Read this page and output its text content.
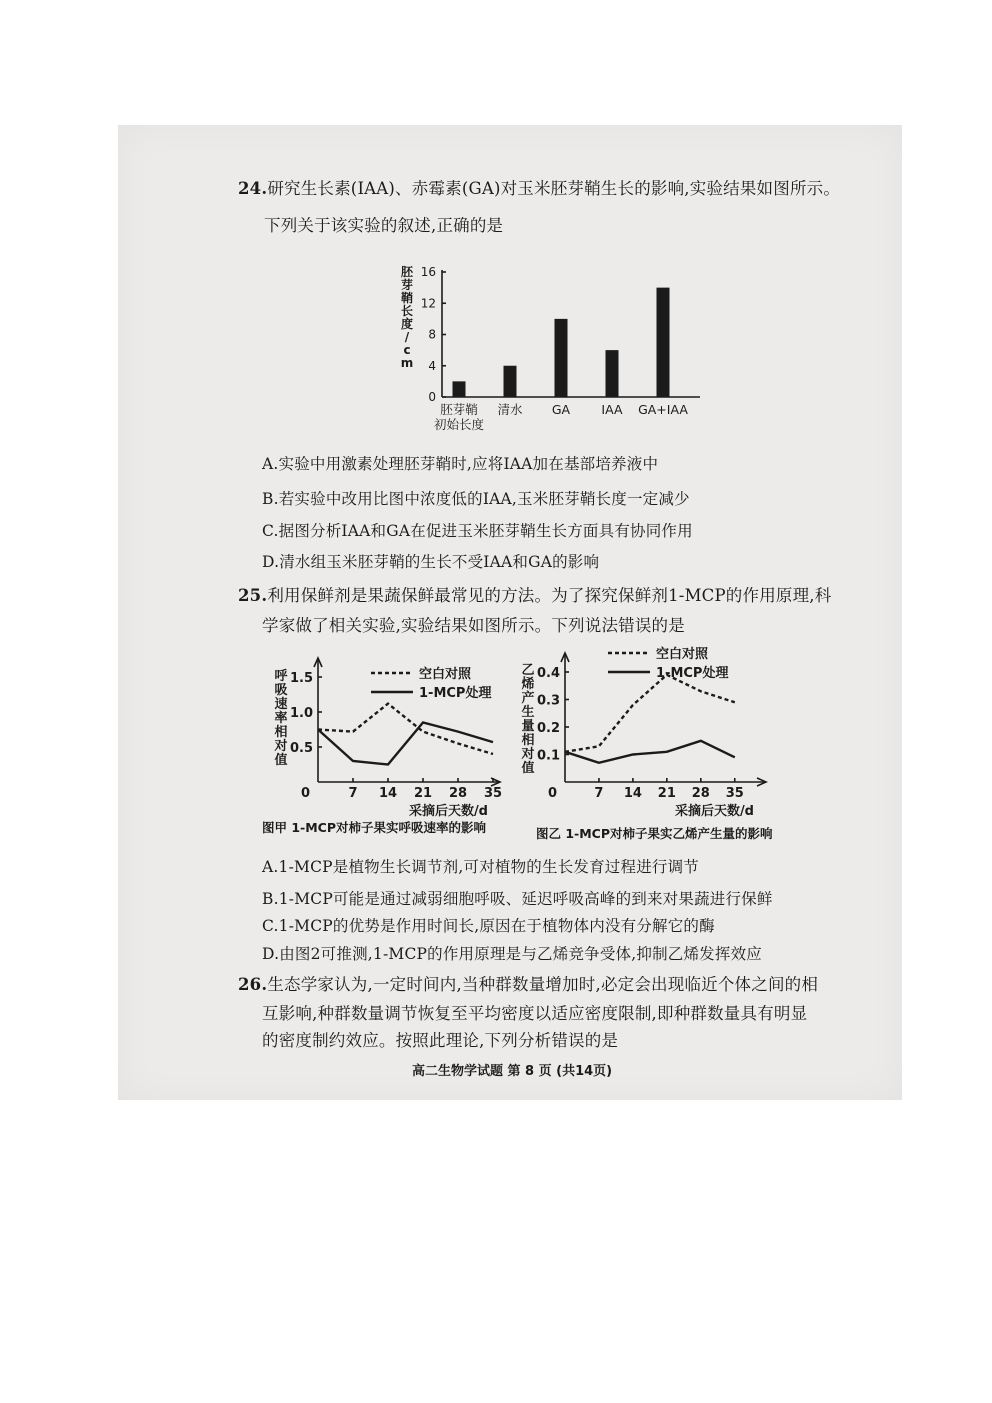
24.研究生长素(IAA)、赤霉素(GA)对玉米胚芽鞘生长的影响,实验结果如图所示。
下列关于该实验的叙述,正确的是
0
4
8
12
16
胚芽鞘长度/ c m
胚芽鞘
初始长度
清水 GA	IAA GA+IAA
A.实验中用激素处理胚芽鞘时,应将IAA加在基部培养液中
B.若实验中改用比图中浓度低的IAA,玉米胚芽鞘长度一定减少
C.据图分析IAA和GA在促进玉米胚芽鞘生长方面具有协同作用
D.清水组玉米胚芽鞘的生长不受IAA和GA的影响
25.利用保鲜剂是果蔬保鲜最常见的方法。为了探究保鲜剂1-MCP的作用原理,科
学家做了相关实验,实验结果如图所示。下列说法错误的是
0.5
1.0
1.5
0	7 14 21 28 35
采摘后天数/d
呼吸速率相对值
空白对照
1-MCP处理
0.1
0.2
0.3
0.4
0	7 14 21 28 35
采摘后天数/d
乙烯产生量相对值
空白对照
1-MCP处理
图甲 1-MCP对柿子果实呼吸速率的影响	图乙 1-MCP对柿子果实乙烯产生量的影响
A.1-MCP是植物生长调节剂,可对植物的生长发育过程进行调节
B.1-MCP可能是通过减弱细胞呼吸、延迟呼吸高峰的到来对果蔬进行保鲜
C.1-MCP的优势是作用时间长,原因在于植物体内没有分解它的酶
D.由图2可推测,1-MCP的作用原理是与乙烯竞争受体,抑制乙烯发挥效应
26.生态学家认为,一定时间内,当种群数量增加时,必定会出现临近个体之间的相
互影响,种群数量调节恢复至平均密度以适应密度限制,即种群数量具有明显
的密度制约效应。按照此理论,下列分析错误的是
高二生物学试题 第 8 页 (共14页)
